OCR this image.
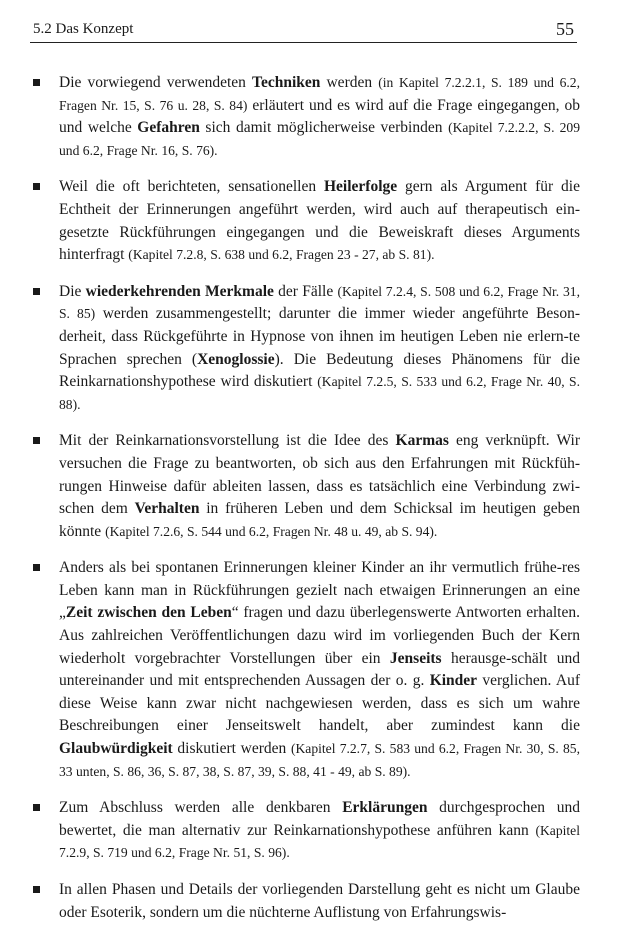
5.2 Das Konzept	55
Die vorwiegend verwendeten Techniken werden (in Kapitel 7.2.2.1, S. 189 und 6.2, Fragen Nr. 15, S. 76 u. 28, S. 84) erläutert und es wird auf die Frage eingegangen, ob und welche Gefahren sich damit möglicherweise verbinden (Kapitel 7.2.2.2, S. 209 und 6.2, Frage Nr. 16, S. 76).
Weil die oft berichteten, sensationellen Heilerfolge gern als Argument für die Echtheit der Erinnerungen angeführt werden, wird auch auf therapeutisch ein-gesetzte Rückführungen eingegangen und die Beweiskraft dieses Arguments hinterfragt (Kapitel 7.2.8, S. 638 und 6.2, Fragen 23 - 27, ab S. 81).
Die wiederkehrenden Merkmale der Fälle (Kapitel 7.2.4, S. 508 und 6.2, Frage Nr. 31, S. 85) werden zusammengestellt; darunter die immer wieder angeführte Beson-derheit, dass Rückgeführte in Hypnose von ihnen im heutigen Leben nie erlern-te Sprachen sprechen (Xenoglossie). Die Bedeutung dieses Phänomens für die Reinkarnationshypothese wird diskutiert (Kapitel 7.2.5, S. 533 und 6.2, Frage Nr. 40, S. 88).
Mit der Reinkarnationsvorstellung ist die Idee des Karmas eng verknüpft. Wir versuchen die Frage zu beantworten, ob sich aus den Erfahrungen mit Rückfüh-rungen Hinweise dafür ableiten lassen, dass es tatsächlich eine Verbindung zwi-schen dem Verhalten in früheren Leben und dem Schicksal im heutigen geben könnte (Kapitel 7.2.6, S. 544 und 6.2, Fragen Nr. 48 u. 49, ab S. 94).
Anders als bei spontanen Erinnerungen kleiner Kinder an ihr vermutlich frühe-res Leben kann man in Rückführungen gezielt nach etwaigen Erinnerungen an eine „Zeit zwischen den Leben“ fragen und dazu überlegenswerte Antworten erhalten. Aus zahlreichen Veröffentlichungen dazu wird im vorliegenden Buch der Kern wiederholt vorgebrachter Vorstellungen über ein Jenseits herausge-schält und untereinander und mit entsprechenden Aussagen der o. g. Kinder verglichen. Auf diese Weise kann zwar nicht nachgewiesen werden, dass es sich um wahre Beschreibungen einer Jenseitswelt handelt, aber zumindest kann die Glaubwürdigkeit diskutiert werden (Kapitel 7.2.7, S. 583 und 6.2, Fragen Nr. 30, S. 85, 33 unten, S. 86, 36, S. 87, 38, S. 87, 39, S. 88, 41 - 49, ab S. 89).
Zum Abschluss werden alle denkbaren Erklärungen durchgesprochen und bewertet, die man alternativ zur Reinkarnationshypothese anführen kann (Kapitel 7.2.9, S. 719 und 6.2, Frage Nr. 51, S. 96).
In allen Phasen und Details der vorliegenden Darstellung geht es nicht um Glaube oder Esoterik, sondern um die nüchterne Auflistung von Erfahrungswis-
